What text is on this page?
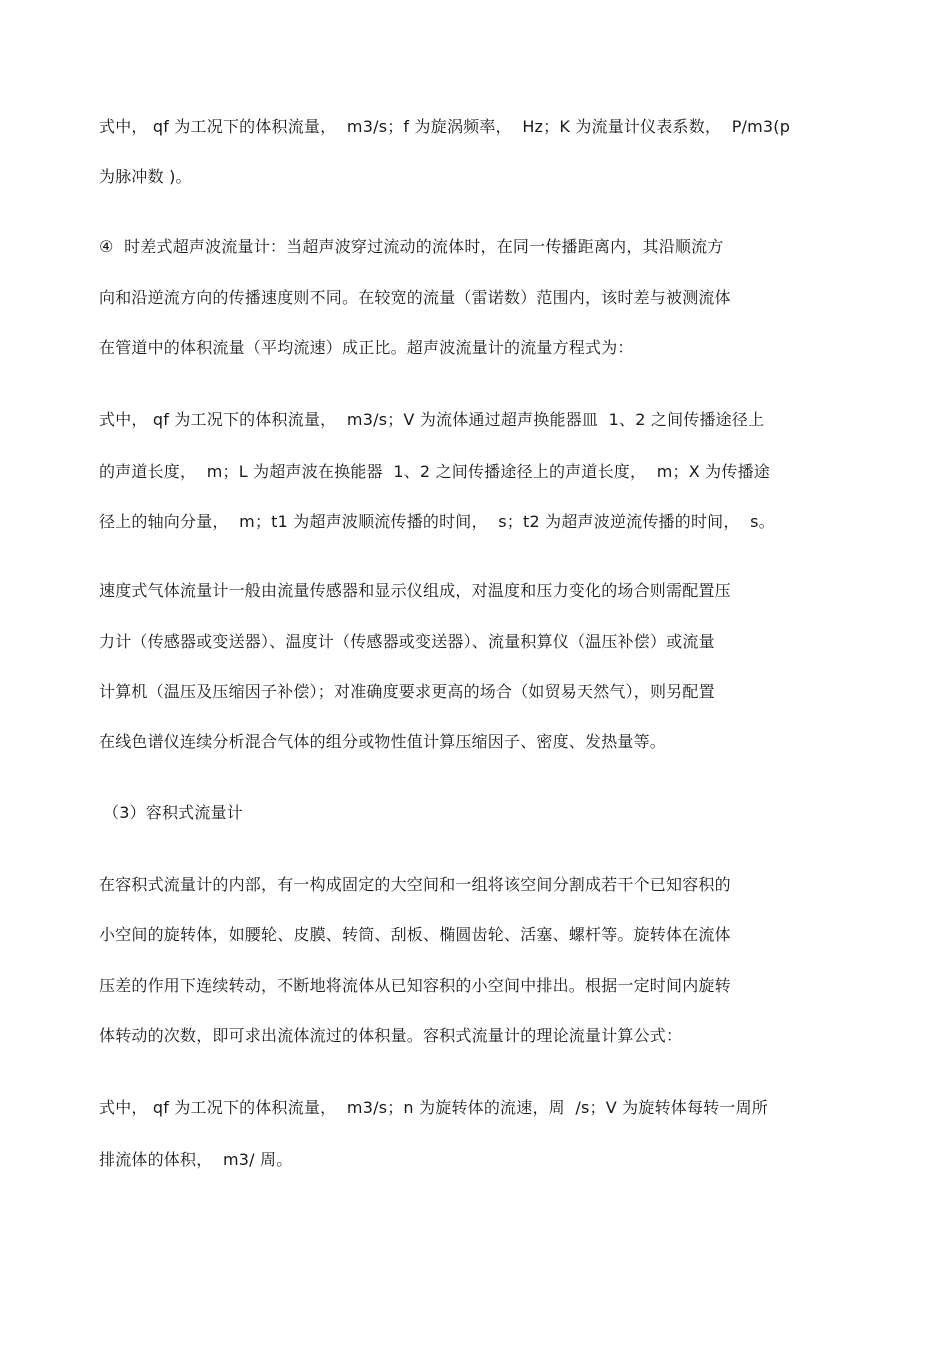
式中， qf 为工况下的体积流量，  m3/s；f 为旋涡频率，  Hz；K 为流量计仪表系数，  P/m3(p
为脉冲数 )。
④  时差式超声波流量计：当超声波穿过流动的流体时，在同一传播距离内，其沿顺流方
向和沿逆流方向的传播速度则不同。在较宽的流量（雷诺数）范围内，该时差与被测流体
在管道中的体积流量（平均流速）成正比。超声波流量计的流量方程式为：
式中， qf 为工况下的体积流量，  m3/s；V 为流体通过超声换能器皿  1、2 之间传播途径上
的声道长度，  m；L 为超声波在换能器  1、2 之间传播途径上的声道长度，  m；X 为传播途
径上的轴向分量，  m；t1 为超声波顺流传播的时间，  s；t2 为超声波逆流传播的时间，  s。
速度式气体流量计一般由流量传感器和显示仪组成，对温度和压力变化的场合则需配置压
力计（传感器或变送器）、温度计（传感器或变送器）、流量积算仪（温压补偿）或流量
计算机（温压及压缩因子补偿）；对准确度要求更高的场合（如贸易天然气），则另配置
在线色谱仪连续分析混合气体的组分或物性值计算压缩因子、密度、发热量等。
（3）容积式流量计
在容积式流量计的内部，有一构成固定的大空间和一组将该空间分割成若干个已知容积的
小空间的旋转体，如腰轮、皮膜、转筒、刮板、椭圆齿轮、活塞、螺杆等。旋转体在流体
压差的作用下连续转动，不断地将流体从已知容积的小空间中排出。根据一定时间内旋转
体转动的次数，即可求出流体流过的体积量。容积式流量计的理论流量计算公式：
式中， qf 为工况下的体积流量，  m3/s；n 为旋转体的流速，周  /s；V 为旋转体每转一周所
排流体的体积，  m3/ 周。
